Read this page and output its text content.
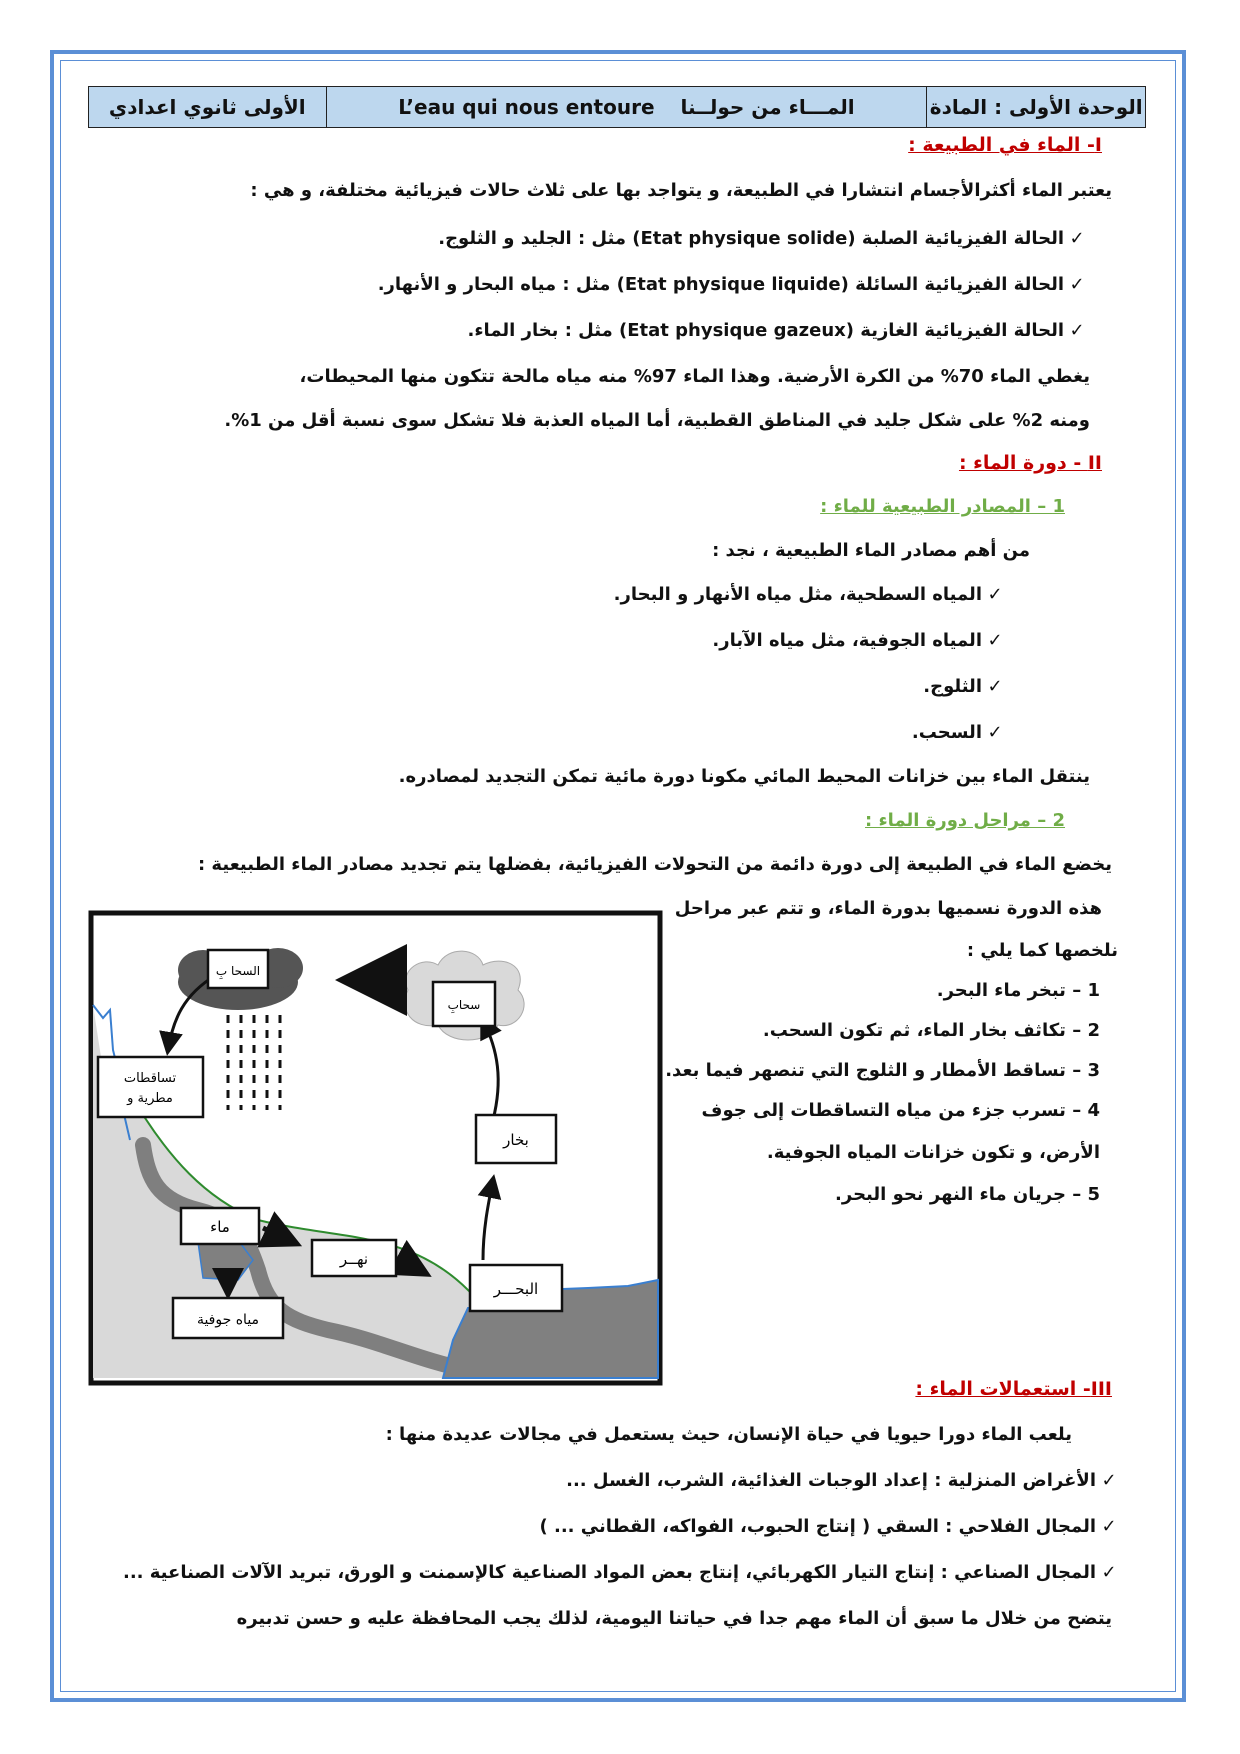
الأولى ثانوي اعدادي	L’eau qui nous entoure المـــاء من حولــنا	الوحدة الأولى : المادة
I- الماء في الطبيعة :
يعتبر الماء أكثرالأجسام انتشارا في الطبيعة، و يتواجد بها على ثلاث حالات فيزيائية مختلفة، و هي :
✓الحالة الفيزيائية الصلبة (Etat physique solide) مثل : الجليد و الثلوج.
✓الحالة الفيزيائية السائلة (Etat physique liquide) مثل : مياه البحار و الأنهار.
✓الحالة الفيزيائية الغازية (Etat physique gazeux) مثل : بخار الماء.
يغطي الماء 70% من الكرة الأرضية. وهذا الماء 97% منه مياه مالحة تتكون منها المحيطات،
ومنه 2% على شكل جليد في المناطق القطبية، أما المياه العذبة فلا تشكل سوى نسبة أقل من 1%.
II - دورة الماء :
1 – المصادر الطبيعية للماء :
من أهم مصادر الماء الطبيعية ، نجد :
✓المياه السطحية، مثل مياه الأنهار و البحار.
✓المياه الجوفية، مثل مياه الآبار.
✓الثلوج.
✓السحب.
ينتقل الماء بين خزانات المحيط المائي مكونا دورة مائية تمكن التجديد لمصادره.
2 – مراحل دورة الماء :
يخضع الماء في الطبيعة إلى دورة دائمة من التحولات الفيزيائية، بفضلها يتم تجديد مصادر الماء الطبيعية :
هذه الدورة نسميها بدورة الماء، و تتم عبر مراحل
نلخصها كما يلي :
1 – تبخر ماء البحر.
2 – تكاثف بخار الماء، ثم تكون السحب.
3 – تساقط الأمطار و الثلوج التي تنصهر فيما بعد.
4 – تسرب جزء من مياه التساقطات إلى جوف
الأرض، و تكون خزانات المياه الجوفية.
5 – جريان ماء النهر نحو البحر.
السحا بِ
سحابِ
تساقطات
مطرية و
بخار
ماء
نهــر
البحـــر
مياه جوفية
III- استعمالات الماء :
يلعب الماء دورا حيويا في حياة الإنسان، حيث يستعمل في مجالات عديدة منها :
✓الأغراض المنزلية : إعداد الوجبات الغذائية، الشرب، الغسل ...
✓المجال الفلاحي : السقي ( إنتاج الحبوب، الفواكه، القطاني ... )
✓المجال الصناعي : إنتاج التيار الكهربائي، إنتاج بعض المواد الصناعية كالإسمنت و الورق، تبريد الآلات الصناعية ...
يتضح من خلال ما سبق أن الماء مهم جدا في حياتنا اليومية، لذلك يجب المحافظة عليه و حسن تدبيره
